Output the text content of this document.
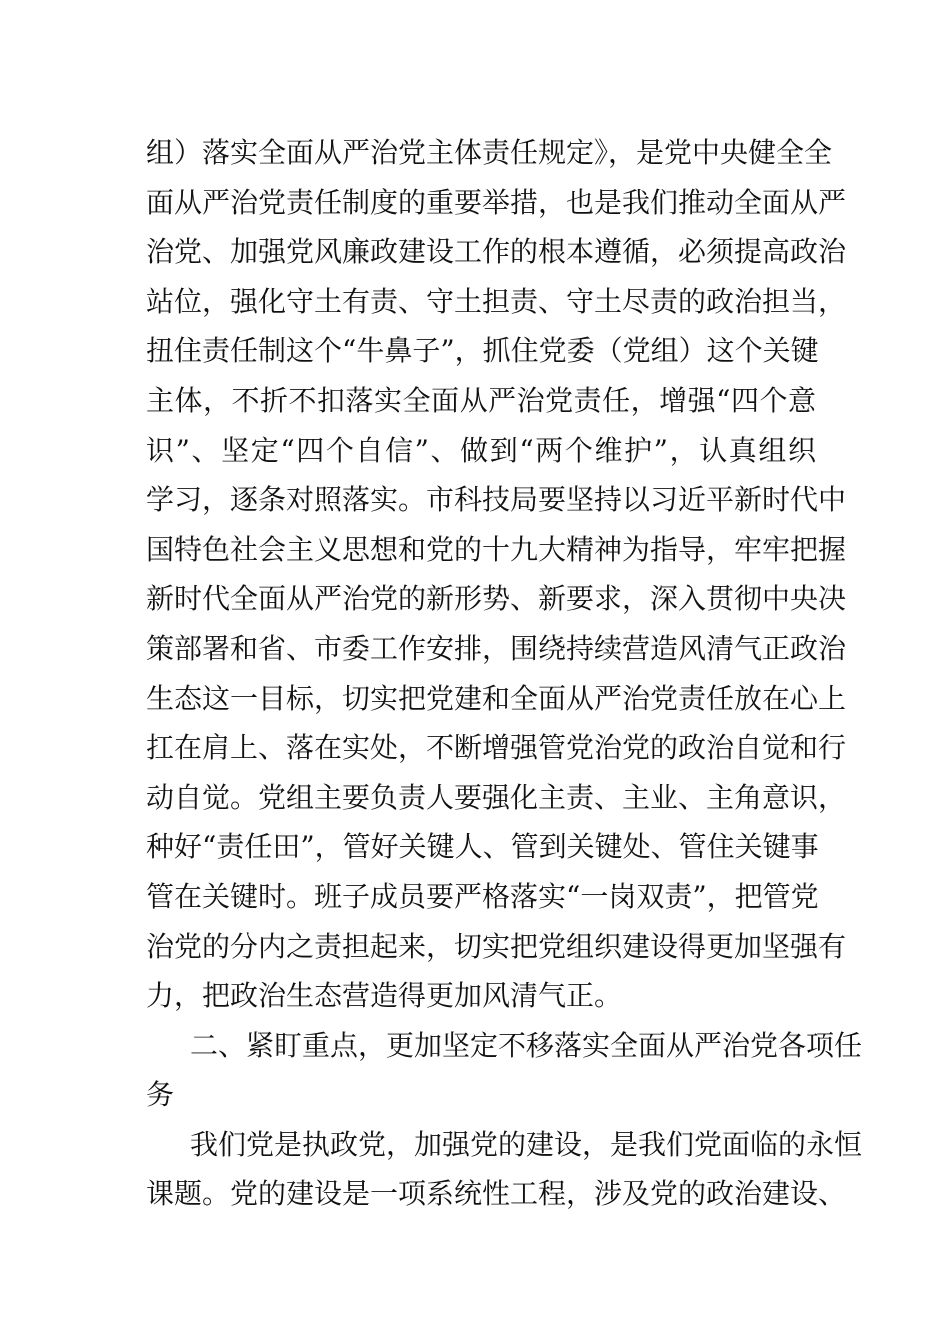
组）落实全面从严治党主体责任规定》，是党中央健全全
面从严治党责任制度的重要举措，也是我们推动全面从严
治党、加强党风廉政建设工作的根本遵循，必须提高政治
站位，强化守土有责、守土担责、守土尽责的政治担当，
扭住责任制这个“牛鼻子”，抓住党委（党组）这个关键
主体，不折不扣落实全面从严治党责任，增强“四个意
识”、坚定“四个自信”、做到“两个维护”，认真组织
学习，逐条对照落实。市科技局要坚持以习近平新时代中
国特色社会主义思想和党的十九大精神为指导，牢牢把握
新时代全面从严治党的新形势、新要求，深入贯彻中央决
策部署和省、市委工作安排，围绕持续营造风清气正政治
生态这一目标，切实把党建和全面从严治党责任放在心上
扛在肩上、落在实处，不断增强管党治党的政治自觉和行
动自觉。党组主要负责人要强化主责、主业、主角意识，
种好“责任田”，管好关键人、管到关键处、管住关键事
管在关键时。班子成员要严格落实“一岗双责”，把管党
治党的分内之责担起来，切实把党组织建设得更加坚强有
力，把政治生态营造得更加风清气正。
二、紧盯重点，更加坚定不移落实全面从严治党各项任
务
我们党是执政党，加强党的建设，是我们党面临的永恒
课题。党的建设是一项系统性工程，涉及党的政治建设、
